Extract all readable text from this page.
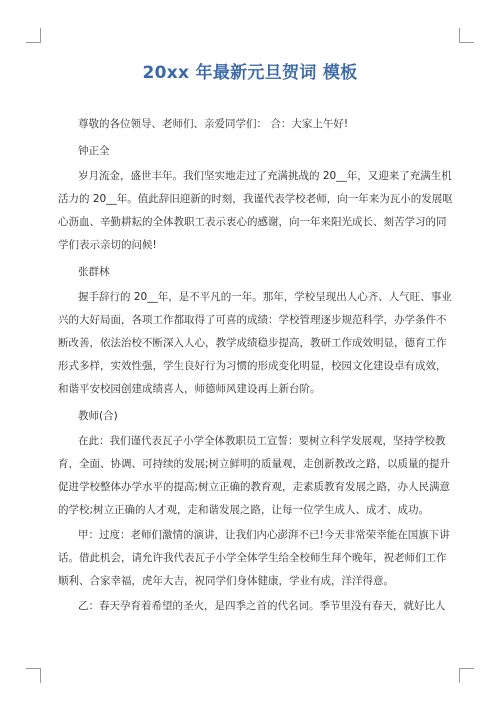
20xx 年最新元旦贺词 模板

尊敬的各位领导、老师们、亲爱同学们： 合：大家上午好!

钟正全

岁月流金，盛世丰年。我们坚实地走过了充满挑战的 20__年，又迎来了充满生机

活力的 20__年。值此辞旧迎新的时刻，我谨代表学校老师，向一年来为瓦小的发展呕

心沥血、辛勤耕耘的全体教职工表示衷心的感谢，向一年来阳光成长、刻苦学习的同

学们表示亲切的问候!

张群林

握手辞行的 20__年，是不平凡的一年。那年，学校呈现出人心齐、人气旺、事业

兴的大好局面，各项工作都取得了可喜的成绩：学校管理逐步规范科学，办学条件不

断改善，依法治校不断深入人心，教学成绩稳步提高，教研工作成效明显，德育工作

形式多样，实效性强，学生良好行为习惯的形成变化明显，校园文化建设卓有成效，

和谐平安校园创建成绩喜人，师德师风建设再上新台阶。

教师(合)

在此：我们谨代表瓦子小学全体教职员工宣誓：要树立科学发展观，坚持学校教

育，全面、协调、可持续的发展;树立鲜明的质量观，走创新教改之路，以质量的提升

促进学校整体办学水平的提高;树立正确的教育观，走素质教育发展之路，办人民满意

的学校;树立正确的人才观，走和谐发展之路，让每一位学生成人、成才、成功。

甲：过度：老师们激情的演讲，让我们内心澎湃不已!今天非常荣幸能在国旗下讲

话。借此机会，请允许我代表瓦子小学全体学生给全校师生拜个晚年，祝老师们工作

顺利、合家幸福，虎年大吉，祝同学们身体健康，学业有成，洋洋得意。

乙：春天孕育着希望的圣火，是四季之首的代名词。季节里没有春天，就好比人
